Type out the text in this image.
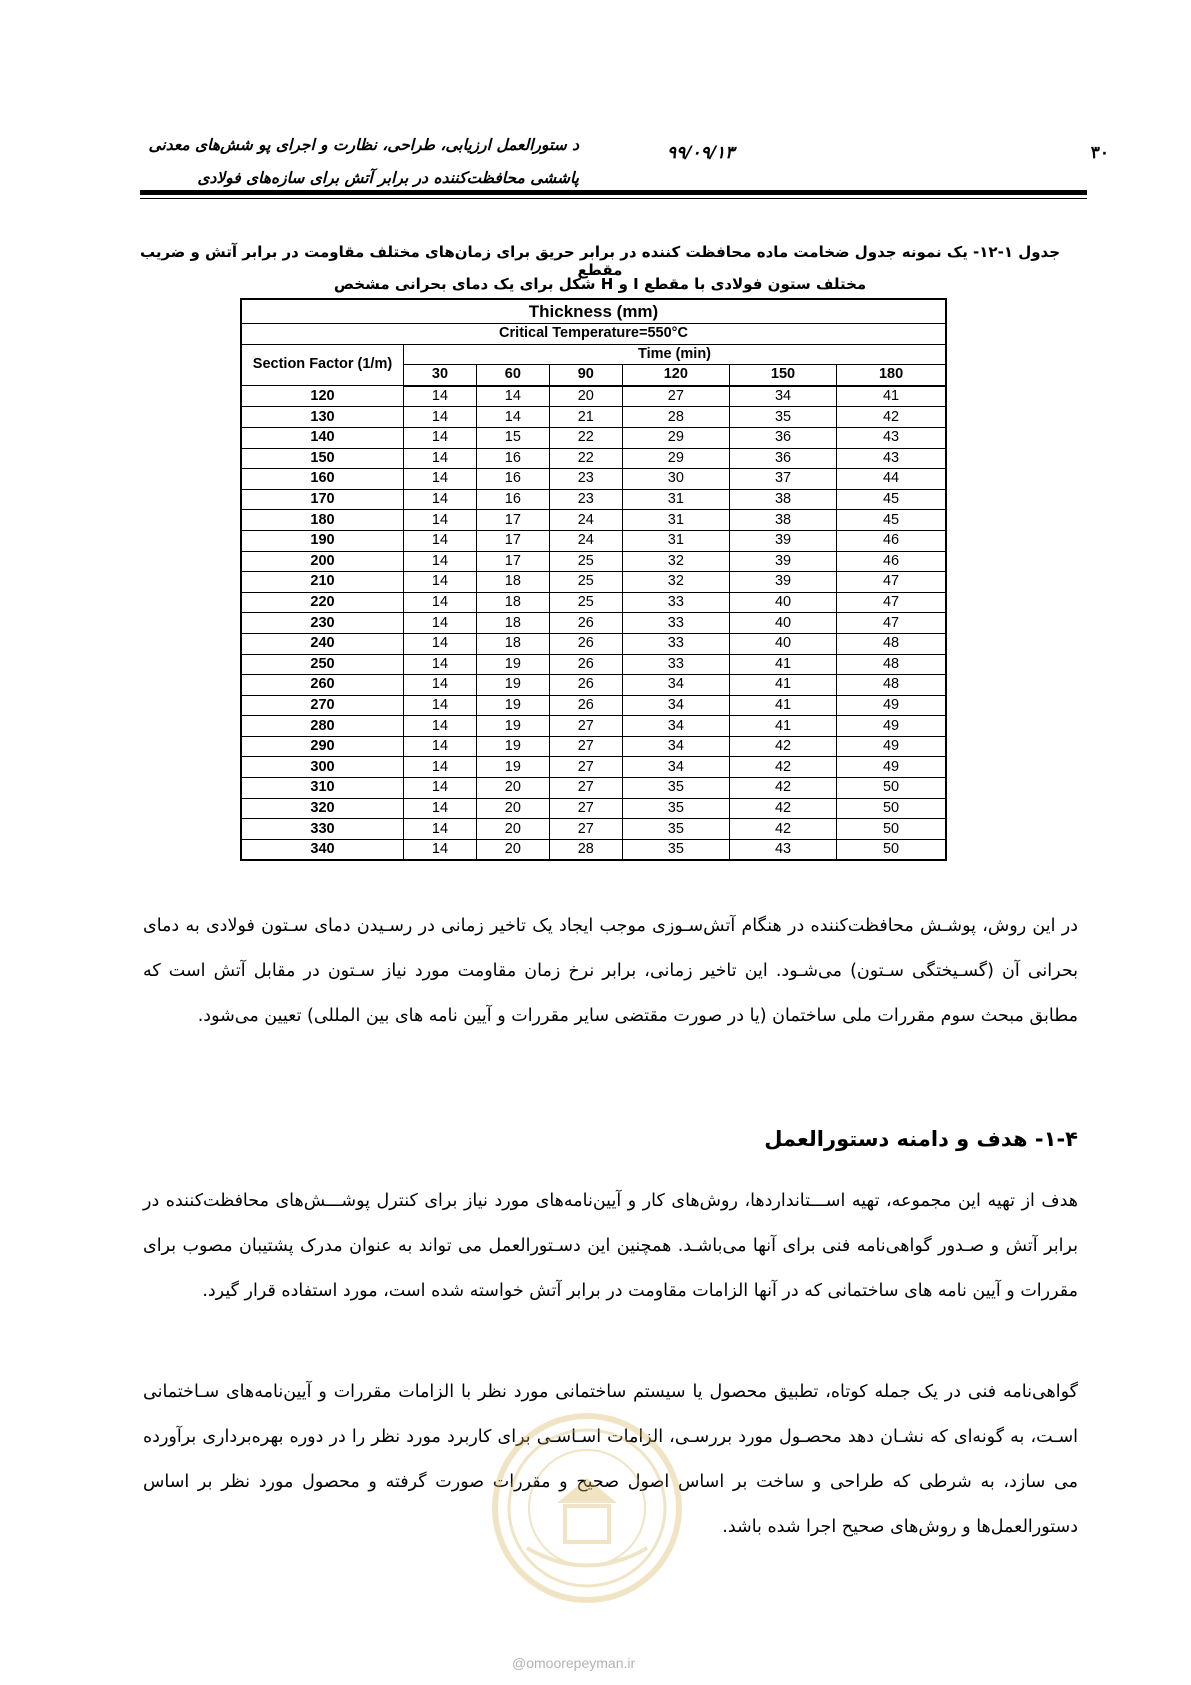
د ستورالعمل ارزیابی، طراحی، نظارت و اجرای پو شش‌های معدنی
پاششی محافظت‌کننده در برابر آتش برای سازه‌های فولادی
۹۹/۰۹/۱۳	۳۰
جدول ۱-۱۲- یک نمونه جدول ضخامت ماده محافظت کننده در برابر حریق برای زمان‌های مختلف مقاومت در برابر آتش و ضریب مقطع
مختلف ستون فولادی با مقطع I و H شکل برای یک دمای بحرانی مشخص
Thickness (mm)						
Critical Temperature=550°C						
Section Factor (1/m)	Time (min)					
	30	60	90	120	150	180
120	14	14	20	27	34	41
130	14	14	21	28	35	42
140	14	15	22	29	36	43
150	14	16	22	29	36	43
160	14	16	23	30	37	44
170	14	16	23	31	38	45
180	14	17	24	31	38	45
190	14	17	24	31	39	46
200	14	17	25	32	39	46
210	14	18	25	32	39	47
220	14	18	25	33	40	47
230	14	18	26	33	40	47
240	14	18	26	33	40	48
250	14	19	26	33	41	48
260	14	19	26	34	41	48
270	14	19	26	34	41	49
280	14	19	27	34	41	49
290	14	19	27	34	42	49
300	14	19	27	34	42	49
310	14	20	27	35	42	50
320	14	20	27	35	42	50
330	14	20	27	35	42	50
340	14	20	28	35	43	50
در این روش، پوشـش محافظت‌کننده در هنگام آتش‌سـوزی موجب ایجاد یک تاخیر زمانی در رسـیدن دمای سـتون فولادی به دمای بحرانی آن (گسـیختگی سـتون) می‌شـود. این تاخیر زمانی، برابر نرخ زمان مقاومت مورد نیاز سـتون در مقابل آتش است که مطابق مبحث سوم مقررات ملی ساختمان (یا در صورت مقتضی سایر مقررات و آیین نامه های بین المللی) تعیین می‌شود.
۱-۴- هدف و دامنه دستورالعمل
هدف از تهیه این مجموعه، تهیه اســـتانداردها، روش‌های کار و آیین‌نامه‌های مورد نیاز برای کنترل پوشـــش‌های محافظت‌کننده در برابر آتش و صـدور گواهی‌نامه فنی برای آنها می‌باشـد. همچنین این دسـتورالعمل می تواند به عنوان مدرک پشتیبان مصوب برای مقررات و آیین نامه های ساختمانی که در آنها الزامات مقاومت در برابر آتش خواسته شده است، مورد استفاده قرار گیرد.
گواهی‌نامه فنی در یک جمله کوتاه، تطبیق محصول یا سیستم ساختمانی مورد نظر با الزامات مقررات و آیین‌نامه‌های سـاختمانی اسـت، به گونه‌ای که نشـان دهد محصـول مورد بررسـی، الزامات اسـاسـی برای کاربرد مورد نظر را در دوره بهره‌برداری برآورده می سازد، به شرطی که طراحی و ساخت بر اساس اصول صحیح و مقررات صورت گرفته و محصول مورد نظر بر اساس دستورالعمل‌ها و روش‌های صحیح اجرا شده باشد.
@omoorepeyman.ir
